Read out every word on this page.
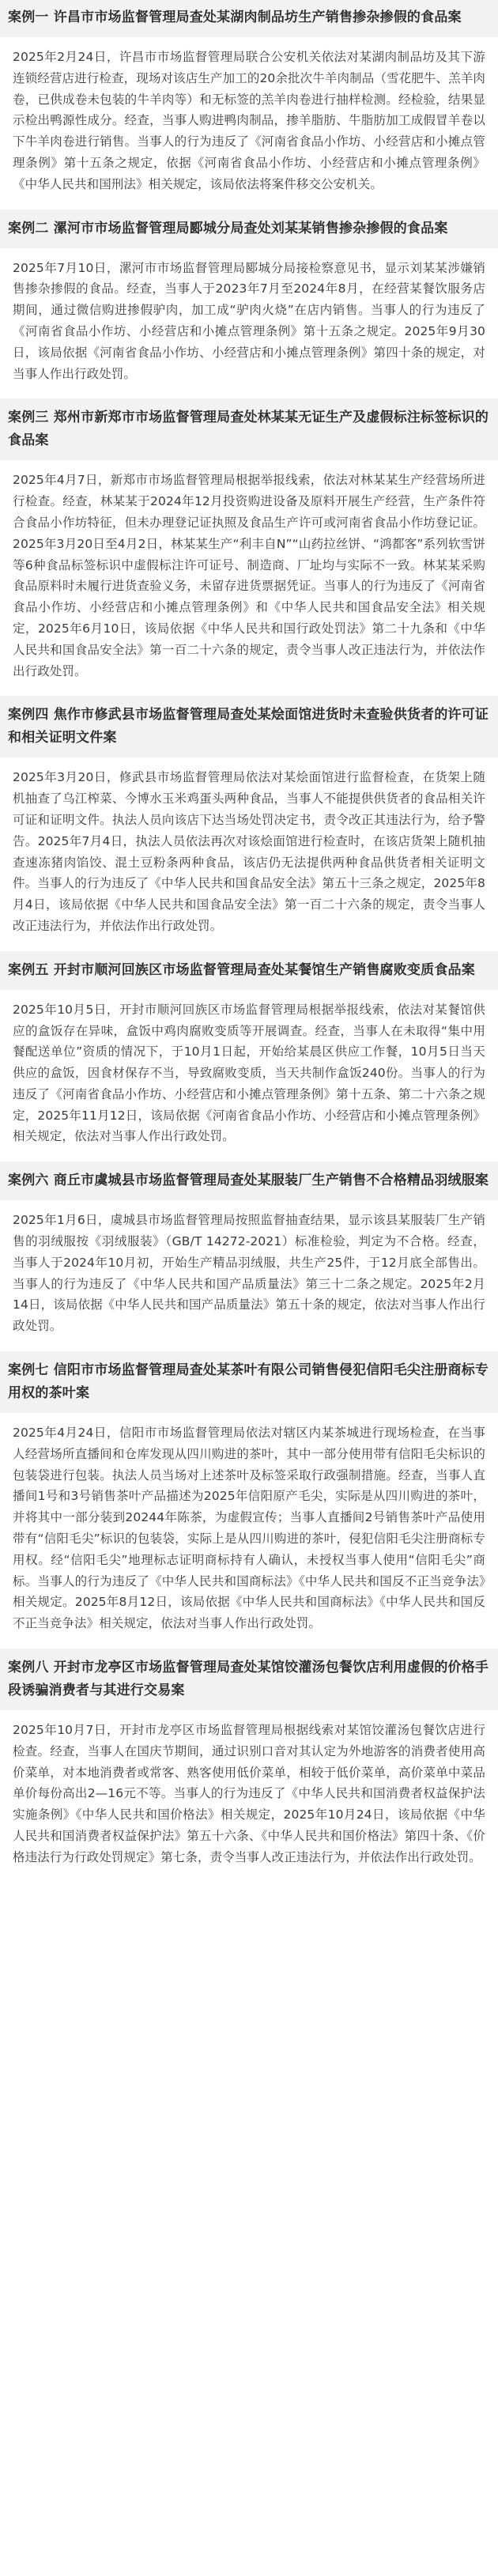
案例一 许昌市市场监督管理局查处某湖肉制品坊生产销售掺杂掺假的食品案

2025年2月24日，许昌市市场监督管理局联合公安机关依法对某湖肉制品坊及其下游连锁经营店进行检查，现场对该店生产加工的20余批次牛羊肉制品（雪花肥牛、羔羊肉卷，已供成卷未包装的牛羊肉等）和无标签的羔羊肉卷进行抽样检测。经检验，结果显示检出鸭源性成分。经查，当事人购进鸭肉制品，掺羊脂肪、牛脂肪加工成假冒羊卷以下牛羊肉卷进行销售。当事人的行为违反了《河南省食品小作坊、小经营店和小摊点管理条例》第十五条之规定，依据《河南省食品小作坊、小经营店和小摊点管理条例》《中华人民共和国刑法》相关规定，该局依法将案件移交公安机关。

案例二 漯河市市场监督管理局郾城分局查处刘某某销售掺杂掺假的食品案

2025年7月10日，漯河市市场监督管理局郾城分局接检察意见书，显示刘某某涉嫌销售掺杂掺假的食品。经查，当事人于2023年7月至2024年8月，在经营某餐饮服务店期间，通过微信购进掺假驴肉，加工成“驴肉火烧”在店内销售。当事人的行为违反了《河南省食品小作坊、小经营店和小摊点管理条例》第十五条之规定。2025年9月30日，该局依据《河南省食品小作坊、小经营店和小摊点管理条例》第四十条的规定，对当事人作出行政处罚。

案例三 郑州市新郑市市场监督管理局查处林某某无证生产及虚假标注标签标识的食品案

2025年4月7日，新郑市市场监督管理局根据举报线索，依法对林某某生产经营场所进行检查。经查，林某某于2024年12月投资购进设备及原料开展生产经营，生产条件符合食品小作坊特征，但未办理登记证执照及食品生产许可或河南省食品小作坊登记证。2025年3月20日至4月2日，林某某生产“利丰自N”“山药拉丝饼、“鸿都客”系列软雪饼等6种食品标签标识中虚假标注许可证号、制造商、厂址均与实际不一致。林某某采购食品原料时未履行进货查验义务，未留存进货票据凭证。当事人的行为违反了《河南省食品小作坊、小经营店和小摊点管理条例》和《中华人民共和国食品安全法》相关规定，2025年6月10日，该局依据《中华人民共和国行政处罚法》第二十九条和《中华人民共和国食品安全法》第一百二十六条的规定，责令当事人改正违法行为，并依法作出行政处罚。

案例四 焦作市修武县市场监督管理局查处某烩面馆进货时未查验供货者的许可证和相关证明文件案

2025年3月20日，修武县市场监督管理局依法对某烩面馆进行监督检查，在货架上随机抽查了乌江榨菜、今博水玉米鸡蛋头两种食品，当事人不能提供供货者的食品相关许可证和证明文件。执法人员向该店下达当场处罚决定书，责令改正其违法行为，给予警告。2025年7月4日，执法人员依法再次对该烩面馆进行检查时，在该店货架上随机抽查速冻猪肉馅饺、混土豆粉条两种食品，该店仍无法提供两种食品供货者相关证明文件。当事人的行为违反了《中华人民共和国食品安全法》第五十三条之规定，2025年8月4日，该局依据《中华人民共和国食品安全法》第一百二十六条的规定，责令当事人改正违法行为，并依法作出行政处罚。

案例五 开封市顺河回族区市场监督管理局查处某餐馆生产销售腐败变质食品案

2025年10月5日，开封市顺河回族区市场监督管理局根据举报线索，依法对某餐馆供应的盒饭存在异味，盒饭中鸡肉腐败变质等开展调查。经查，当事人在未取得“集中用餐配送单位”资质的情况下，于10月1日起，开始给某晨区供应工作餐，10月5日当天供应的盒饭，因食材保存不当，导致腐败变质，当天共制作盒饭240份。当事人的行为违反了《河南省食品小作坊、小经营店和小摊点管理条例》第十五条、第二十六条之规定，2025年11月12日，该局依据《河南省食品小作坊、小经营店和小摊点管理条例》相关规定，依法对当事人作出行政处罚。

案例六 商丘市虞城县市场监督管理局查处某服装厂生产销售不合格精品羽绒服案

2025年1月6日，虞城县市场监督管理局按照监督抽查结果，显示该县某服装厂生产销售的羽绒服按《羽绒服装》（GB/T 14272-2021）标准检验，判定为不合格。经查，当事人于2024年10月初，开始生产精品羽绒服，共生产25件，于12月底全部售出。当事人的行为违反了《中华人民共和国产品质量法》第三十二条之规定。2025年2月14日，该局依据《中华人民共和国产品质量法》第五十条的规定，依法对当事人作出行政处罚。

案例七 信阳市市场监督管理局查处某茶叶有限公司销售侵犯信阳毛尖注册商标专用权的茶叶案

2025年4月24日，信阳市市场监督管理局依法对辖区内某茶城进行现场检查，在当事人经营场所直播间和仓库发现从四川购进的茶叶，其中一部分使用带有信阳毛尖标识的包装袋进行包装。执法人员当场对上述茶叶及标签采取行政强制措施。经查，当事人直播间1号和3号销售茶叶产品描述为2025年信阳原产毛尖，实际是从四川购进的茶叶，并将其中一部分装到20244年陈茶，为虚假宣传；当事人直播间2号销售茶叶产品使用带有“信阳毛尖”标识的包装袋，实际上是从四川购进的茶叶，侵犯信阳毛尖注册商标专用权。经“信阳毛尖”地理标志证明商标持有人确认，未授权当事人使用“信阳毛尖”商标。当事人的行为违反了《中华人民共和国商标法》《中华人民共和国反不正当竞争法》相关规定。2025年8月12日，该局依据《中华人民共和国商标法》《中华人民共和国反不正当竞争法》相关规定，依法对当事人作出行政处罚。

案例八 开封市龙亭区市场监督管理局查处某馆饺灌汤包餐饮店利用虚假的价格手段诱骗消费者与其进行交易案

2025年10月7日，开封市龙亭区市场监督管理局根据线索对某馆饺灌汤包餐饮店进行检查。经查，当事人在国庆节期间，通过识别口音对其认定为外地游客的消费者使用高价菜单，对本地消费者或常客、熟客使用低价菜单，相较于低价菜单，高价菜单中菜品单价每份高出2—16元不等。当事人的行为违反了《中华人民共和国消费者权益保护法实施条例》《中华人民共和国价格法》相关规定，2025年10月24日，该局依据《中华人民共和国消费者权益保护法》第五十六条、《中华人民共和国价格法》第四十条、《价格违法行为行政处罚规定》第七条，责令当事人改正违法行为，并依法作出行政处罚。
